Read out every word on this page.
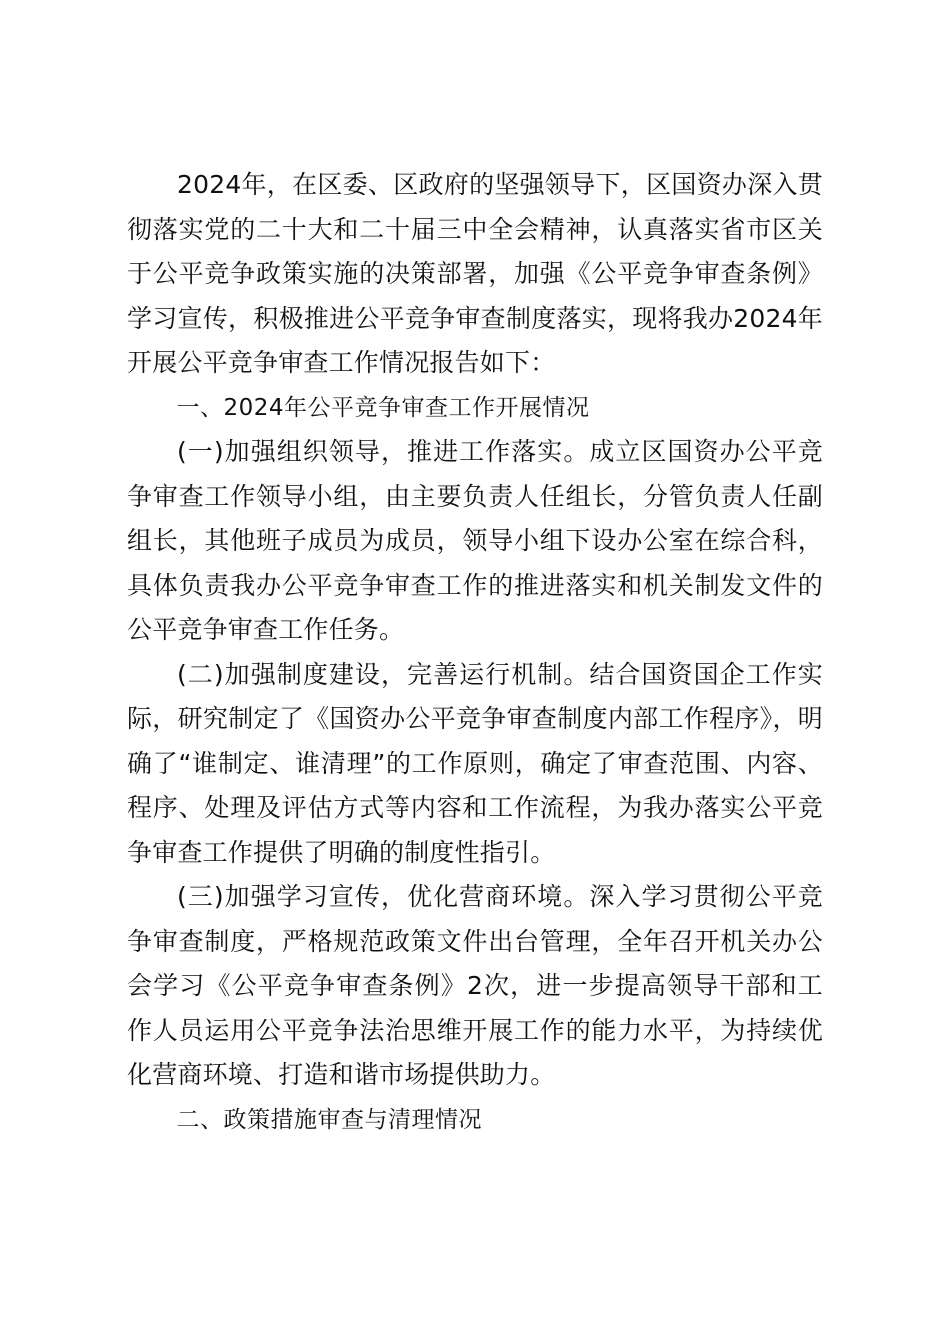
2024年，在区委、区政府的坚强领导下，区国资办深入贯彻落实党的二十大和二十届三中全会精神，认真落实省市区关于公平竞争政策实施的决策部署，加强《公平竞争审查条例》学习宣传，积极推进公平竞争审查制度落实，现将我办2024年开展公平竞争审查工作情况报告如下：

一、2024年公平竞争审查工作开展情况

(一)加强组织领导，推进工作落实。成立区国资办公平竞争审查工作领导小组，由主要负责人任组长，分管负责人任副组长，其他班子成员为成员，领导小组下设办公室在综合科，具体负责我办公平竞争审查工作的推进落实和机关制发文件的公平竞争审查工作任务。

(二)加强制度建设，完善运行机制。结合国资国企工作实际，研究制定了《国资办公平竞争审查制度内部工作程序》，明确了“谁制定、谁清理”的工作原则，确定了审查范围、内容、程序、处理及评估方式等内容和工作流程，为我办落实公平竞争审查工作提供了明确的制度性指引。

(三)加强学习宣传，优化营商环境。深入学习贯彻公平竞争审查制度，严格规范政策文件出台管理，全年召开机关办公会学习《公平竞争审查条例》2次，进一步提高领导干部和工作人员运用公平竞争法治思维开展工作的能力水平，为持续优化营商环境、打造和谐市场提供助力。

二、政策措施审查与清理情况
